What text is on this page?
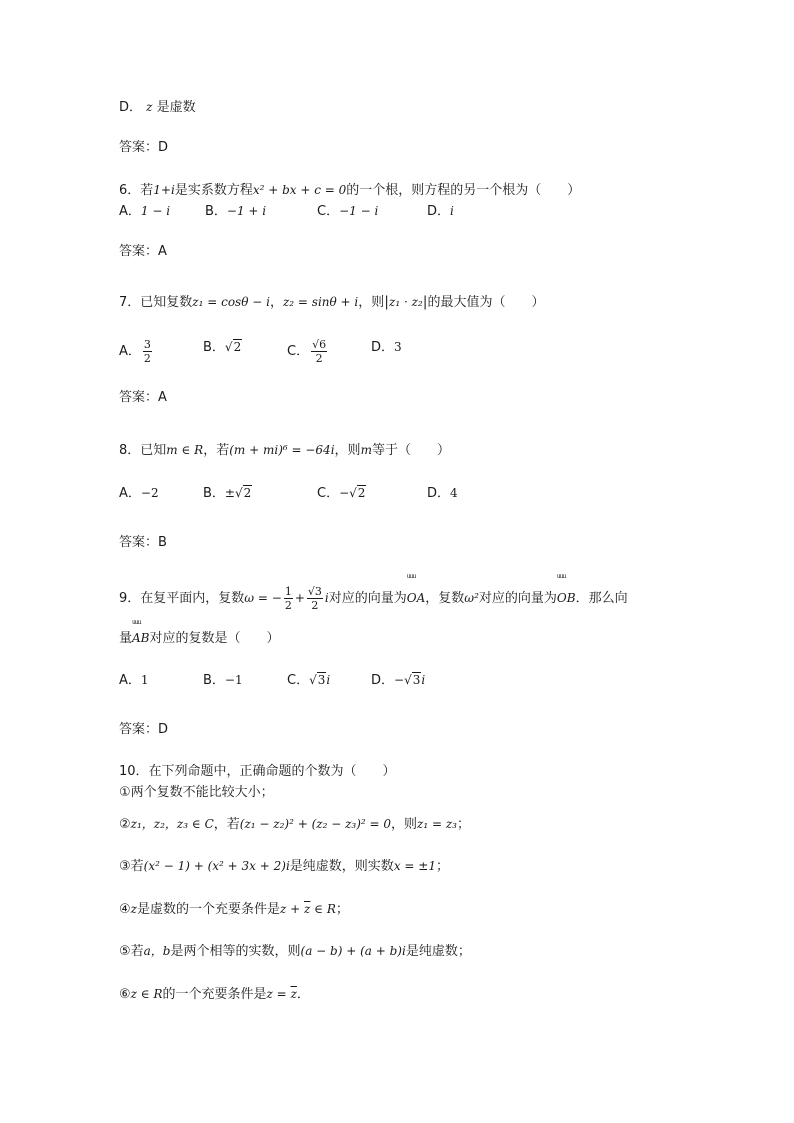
D． z 是虚数
答案：D
6．若1+i是实系数方程x² + bx + c = 0的一个根，则方程的另一个根为（ ）
A．1 − i	B．−1 + i	C．−1 − i	D．i
答案：A
7．已知复数z₁ = cosθ − i，z₂ = sinθ + i，则|z₁ · z₂|的最大值为（ ）
A． $\frac{3}{2}$	B．√2	C． $\frac{√6}{2}$	D．3
答案：A
8．已知m ∈ R，若(m + mi)⁶ = −64i，则m等于（ ）
A．−2	B．±√2	C．−√2	D．4
答案：B
9．在复平面内，复数ω = − $\frac{1}{2} + \frac{√3}{2}$ i对应的向量为uuu OA，复数ω²对应的向量为uuu OB．那么向
量uuu AB对应的复数是（ ）
A．1	B．−1	C．√3i	D．−√3i
答案：D
10．在下列命题中，正确命题的个数为（ ）
①两个复数不能比较大小；
②z₁，z₂，z₃ ∈ C，若(z₁ − z₂)² + (z₂ − z₃)² = 0，则z₁ = z₃；
③若(x² − 1) + (x² + 3x + 2)i是纯虚数，则实数x = ±1；
④z是虚数的一个充要条件是$z + \overline{z}$ ∈ R；
⑤若a，b是两个相等的实数，则(a − b) + (a + b)i是纯虚数；
⑥z ∈ R的一个充要条件是$z = \overline{z}$．
